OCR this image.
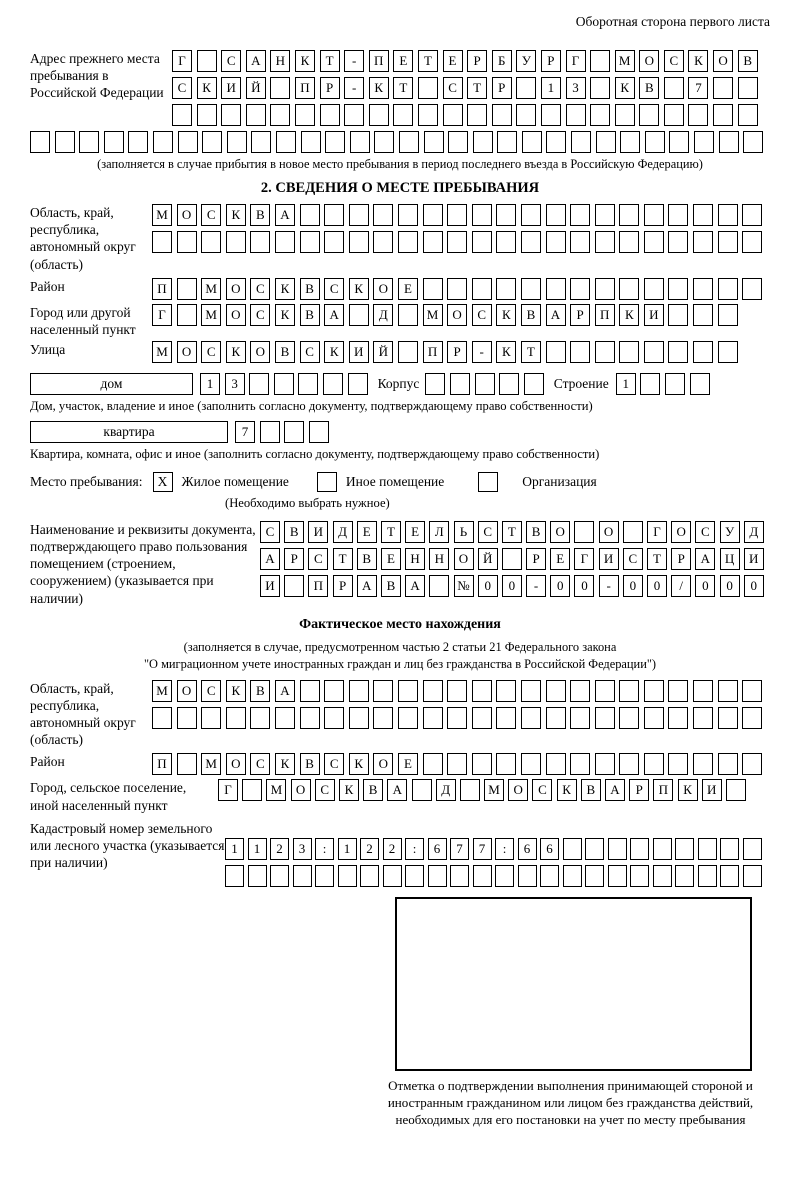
Оборотная сторона первого листа
Адрес прежнего места пребывания в Российской Федерации
Г	С	А	Н	К	Т	-	П	Е	Т	Е	Р	Б	У	Р	Г	М	О	С	К	О	В
С	К	И	Й	П	Р	-	К	Т	С	Т	Р	1	3	К	В	7
(заполняется в случае прибытия в новое место пребывания в период последнего въезда в Российскую Федерацию)
2. СВЕДЕНИЯ О МЕСТЕ ПРЕБЫВАНИЯ
Область, край, республика, автономный округ (область)
М	О	С	К	В	А
Район	П	М	О	С	К	В	С	К	О	Е
Город или другой населенный пункт
Г	М	О	С	К	В	А	Д	М	О	С	К	В	А	Р	П	К	И
Улица	М	О	С	К	О	В	С	К	И	Й	П	Р	-	К	Т
дом	1	3	Корпус	Строение	1
Дом, участок, владение и иное (заполнить согласно документу, подтверждающему право собственности)
квартира	7
Квартира, комната, офис и иное (заполнить согласно документу, подтверждающему право собственности)
Место пребывания: Х Жилое помещение	Иное помещение	Организация
(Необходимо выбрать нужное)
Наименование и реквизиты документа, подтверждающего право пользования помещением (строением, сооружением) (указывается при наличии)
С	В	И	Д	Е	Т	Е	Л	Ь	С	Т	В	О	О	Г	О	С	У	Д
А	Р	С	Т	В	Е	Н	Н	О	Й	Р	Е	Г	И	С	Т	Р	А	Ц	И
И	П	Р	А	В	А	№	0	0	-	0	0	-	0	0	/	0	0	0
Фактическое место нахождения
(заполняется в случае, предусмотренном частью 2 статьи 21 Федерального закона
"О миграционном учете иностранных граждан и лиц без гражданства в Российской Федерации")
Область, край, республика, автономный округ (область)
М	О	С	К	В	А
Район	П	М	О	С	К	В	С	К	О	Е
Город, сельское поселение, иной населенный пункт
Г	М	О	С	К	В	А	Д	М	О	С	К	В	А	Р	П	К	И
Кадастровый номер земельного или лесного участка (указывается при наличии)
1	1	2	3	:	1	2	2	:	6	7	7	:	6	6
Отметка о подтверждении выполнения принимающей стороной и иностранным гражданином или лицом без гражданства действий, необходимых для его постановки на учет по месту пребывания
